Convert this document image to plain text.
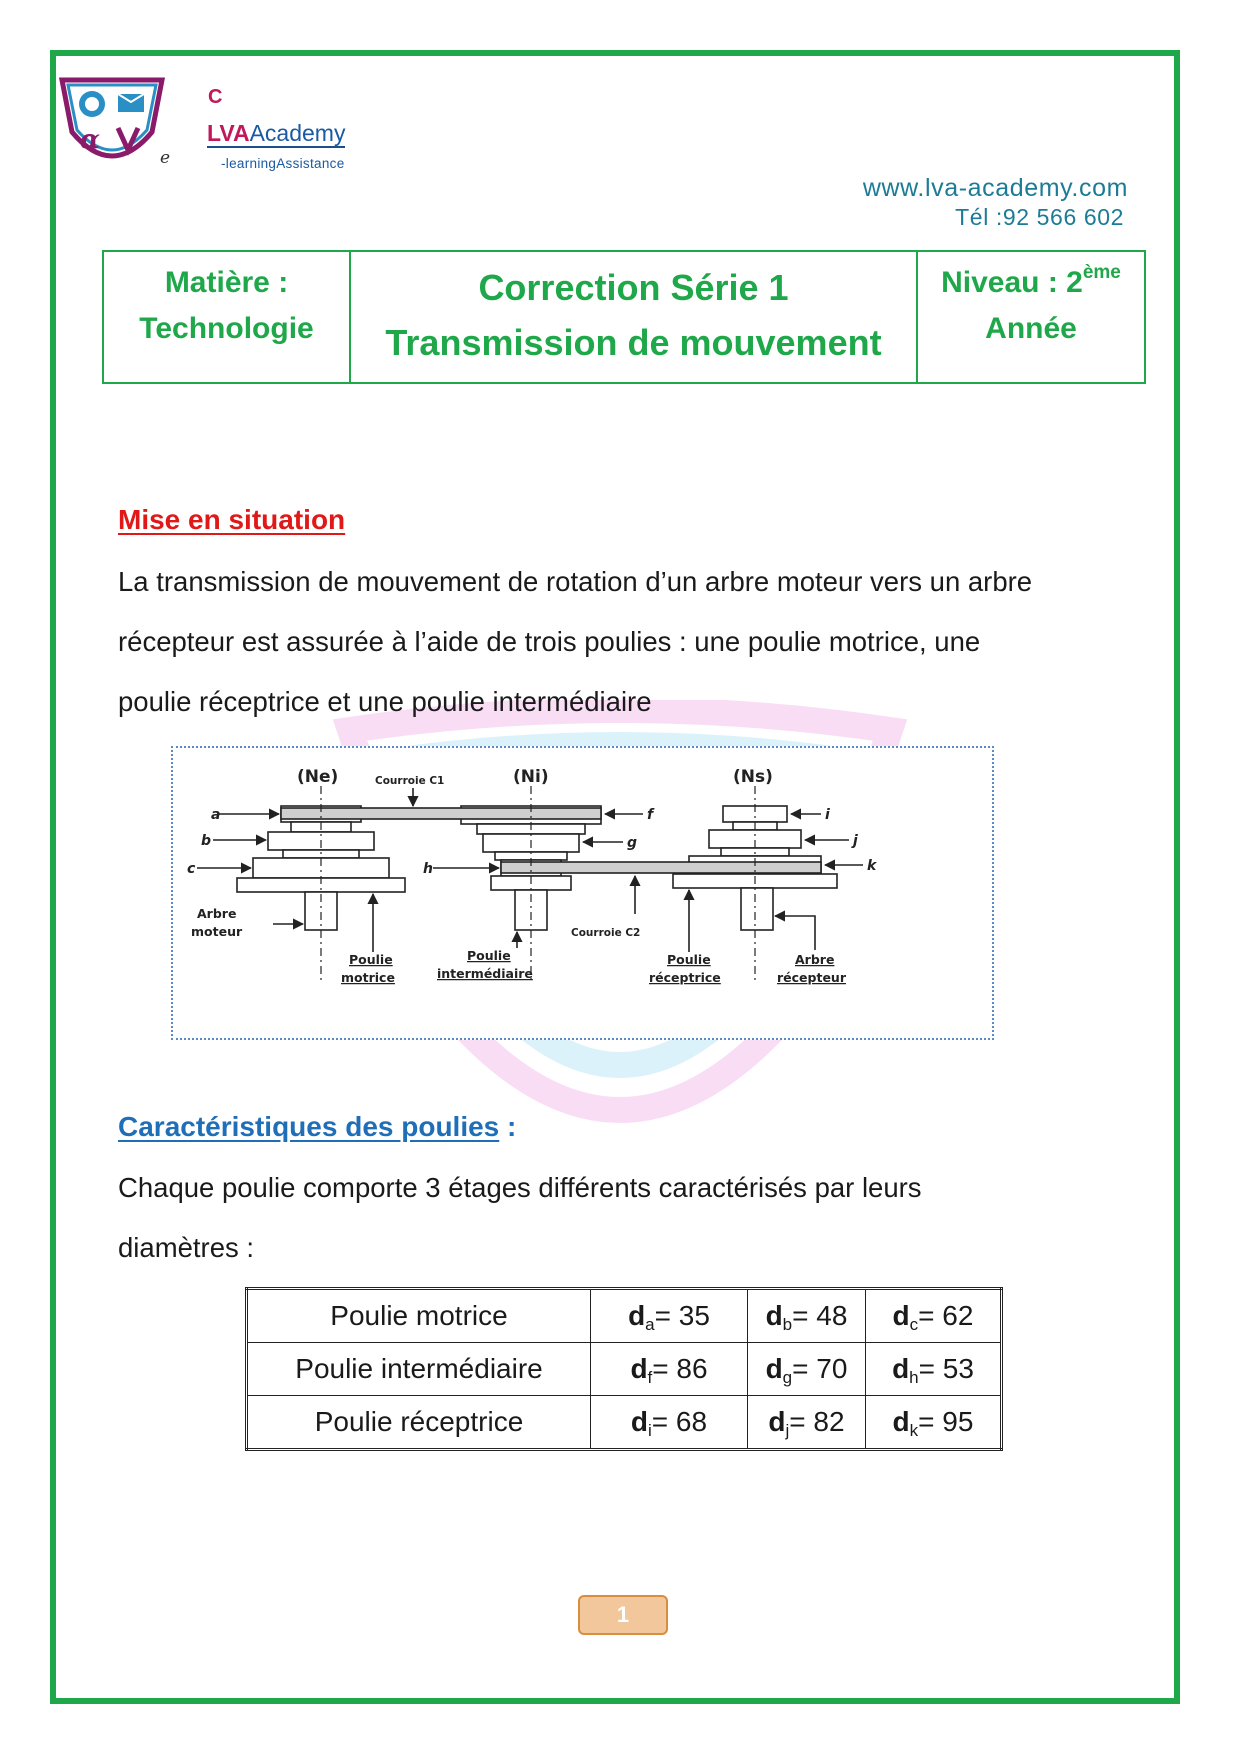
α
e
C
LVAAcademy
-learningAssistance
www.lva-academy.com
Tél :92 566 602
Matière :
Technologie
Correction Série 1
Transmission de mouvement
Niveau : 2ème
Année
Mise en situation
La transmission de mouvement de rotation d’un arbre moteur vers un arbre
récepteur est assurée à l’aide de trois poulies : une poulie motrice, une
poulie réceptrice et une poulie intermédiaire
(Ne)	(Ni)	(Ns)
Courroie C1
Courroie C2
a
b
c
f
g
h
i
j
k
Arbre
moteur
Poulie
motrice
Poulie
intermédiaire
Poulie
réceptrice
Arbre
récepteur
Caractéristiques des poulies :
Chaque poulie comporte 3 étages différents caractérisés par leurs
diamètres :
Poulie motrice	$d_a= 35$	$d_b= 48$	$d_c= 62$
Poulie intermédiaire	$d_f= 86$	$d_g= 70$	$d_h= 53$
Poulie réceptrice	$d_i= 68$	$d_j= 82$	$d_k= 95$
1
